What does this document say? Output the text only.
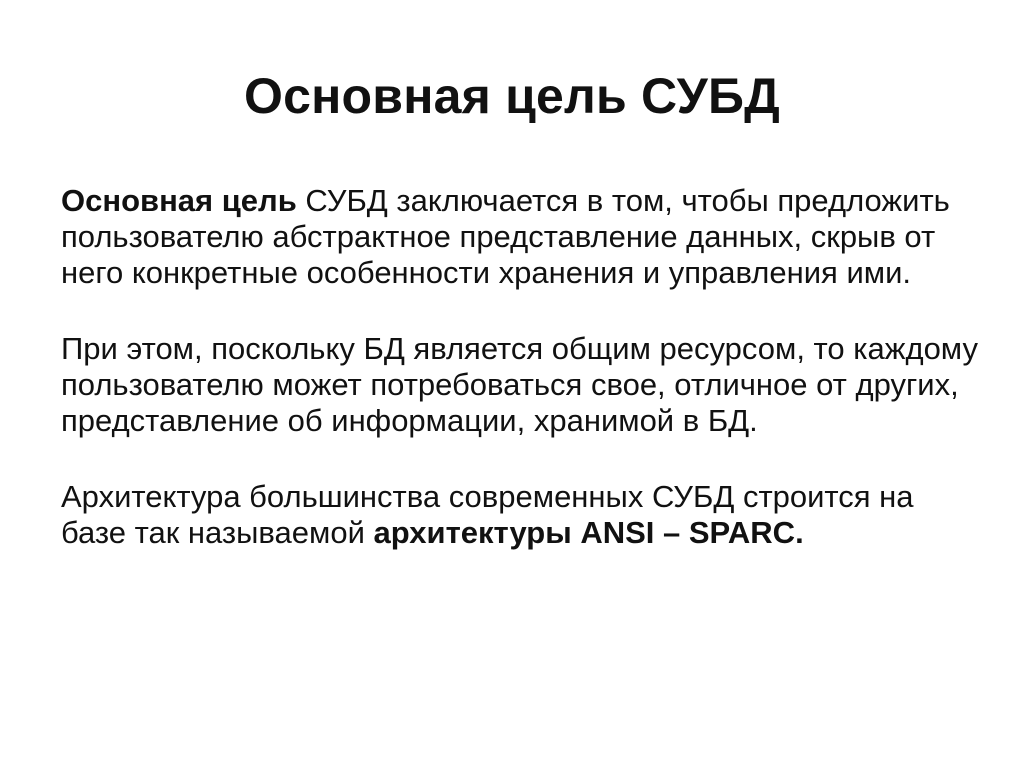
Основная цель СУБД

Основная цель СУБД заключается в том, чтобы предложить пользователю абстрактное представление данных, скрыв от него конкретные особенности хранения и управления ими.

При этом, поскольку БД является общим ресурсом, то каждому пользователю может потребоваться свое, отличное от других, представление об информации, хранимой в БД.

Архитектура большинства современных СУБД строится на базе так называемой архитектуры ANSI – SPARC.
